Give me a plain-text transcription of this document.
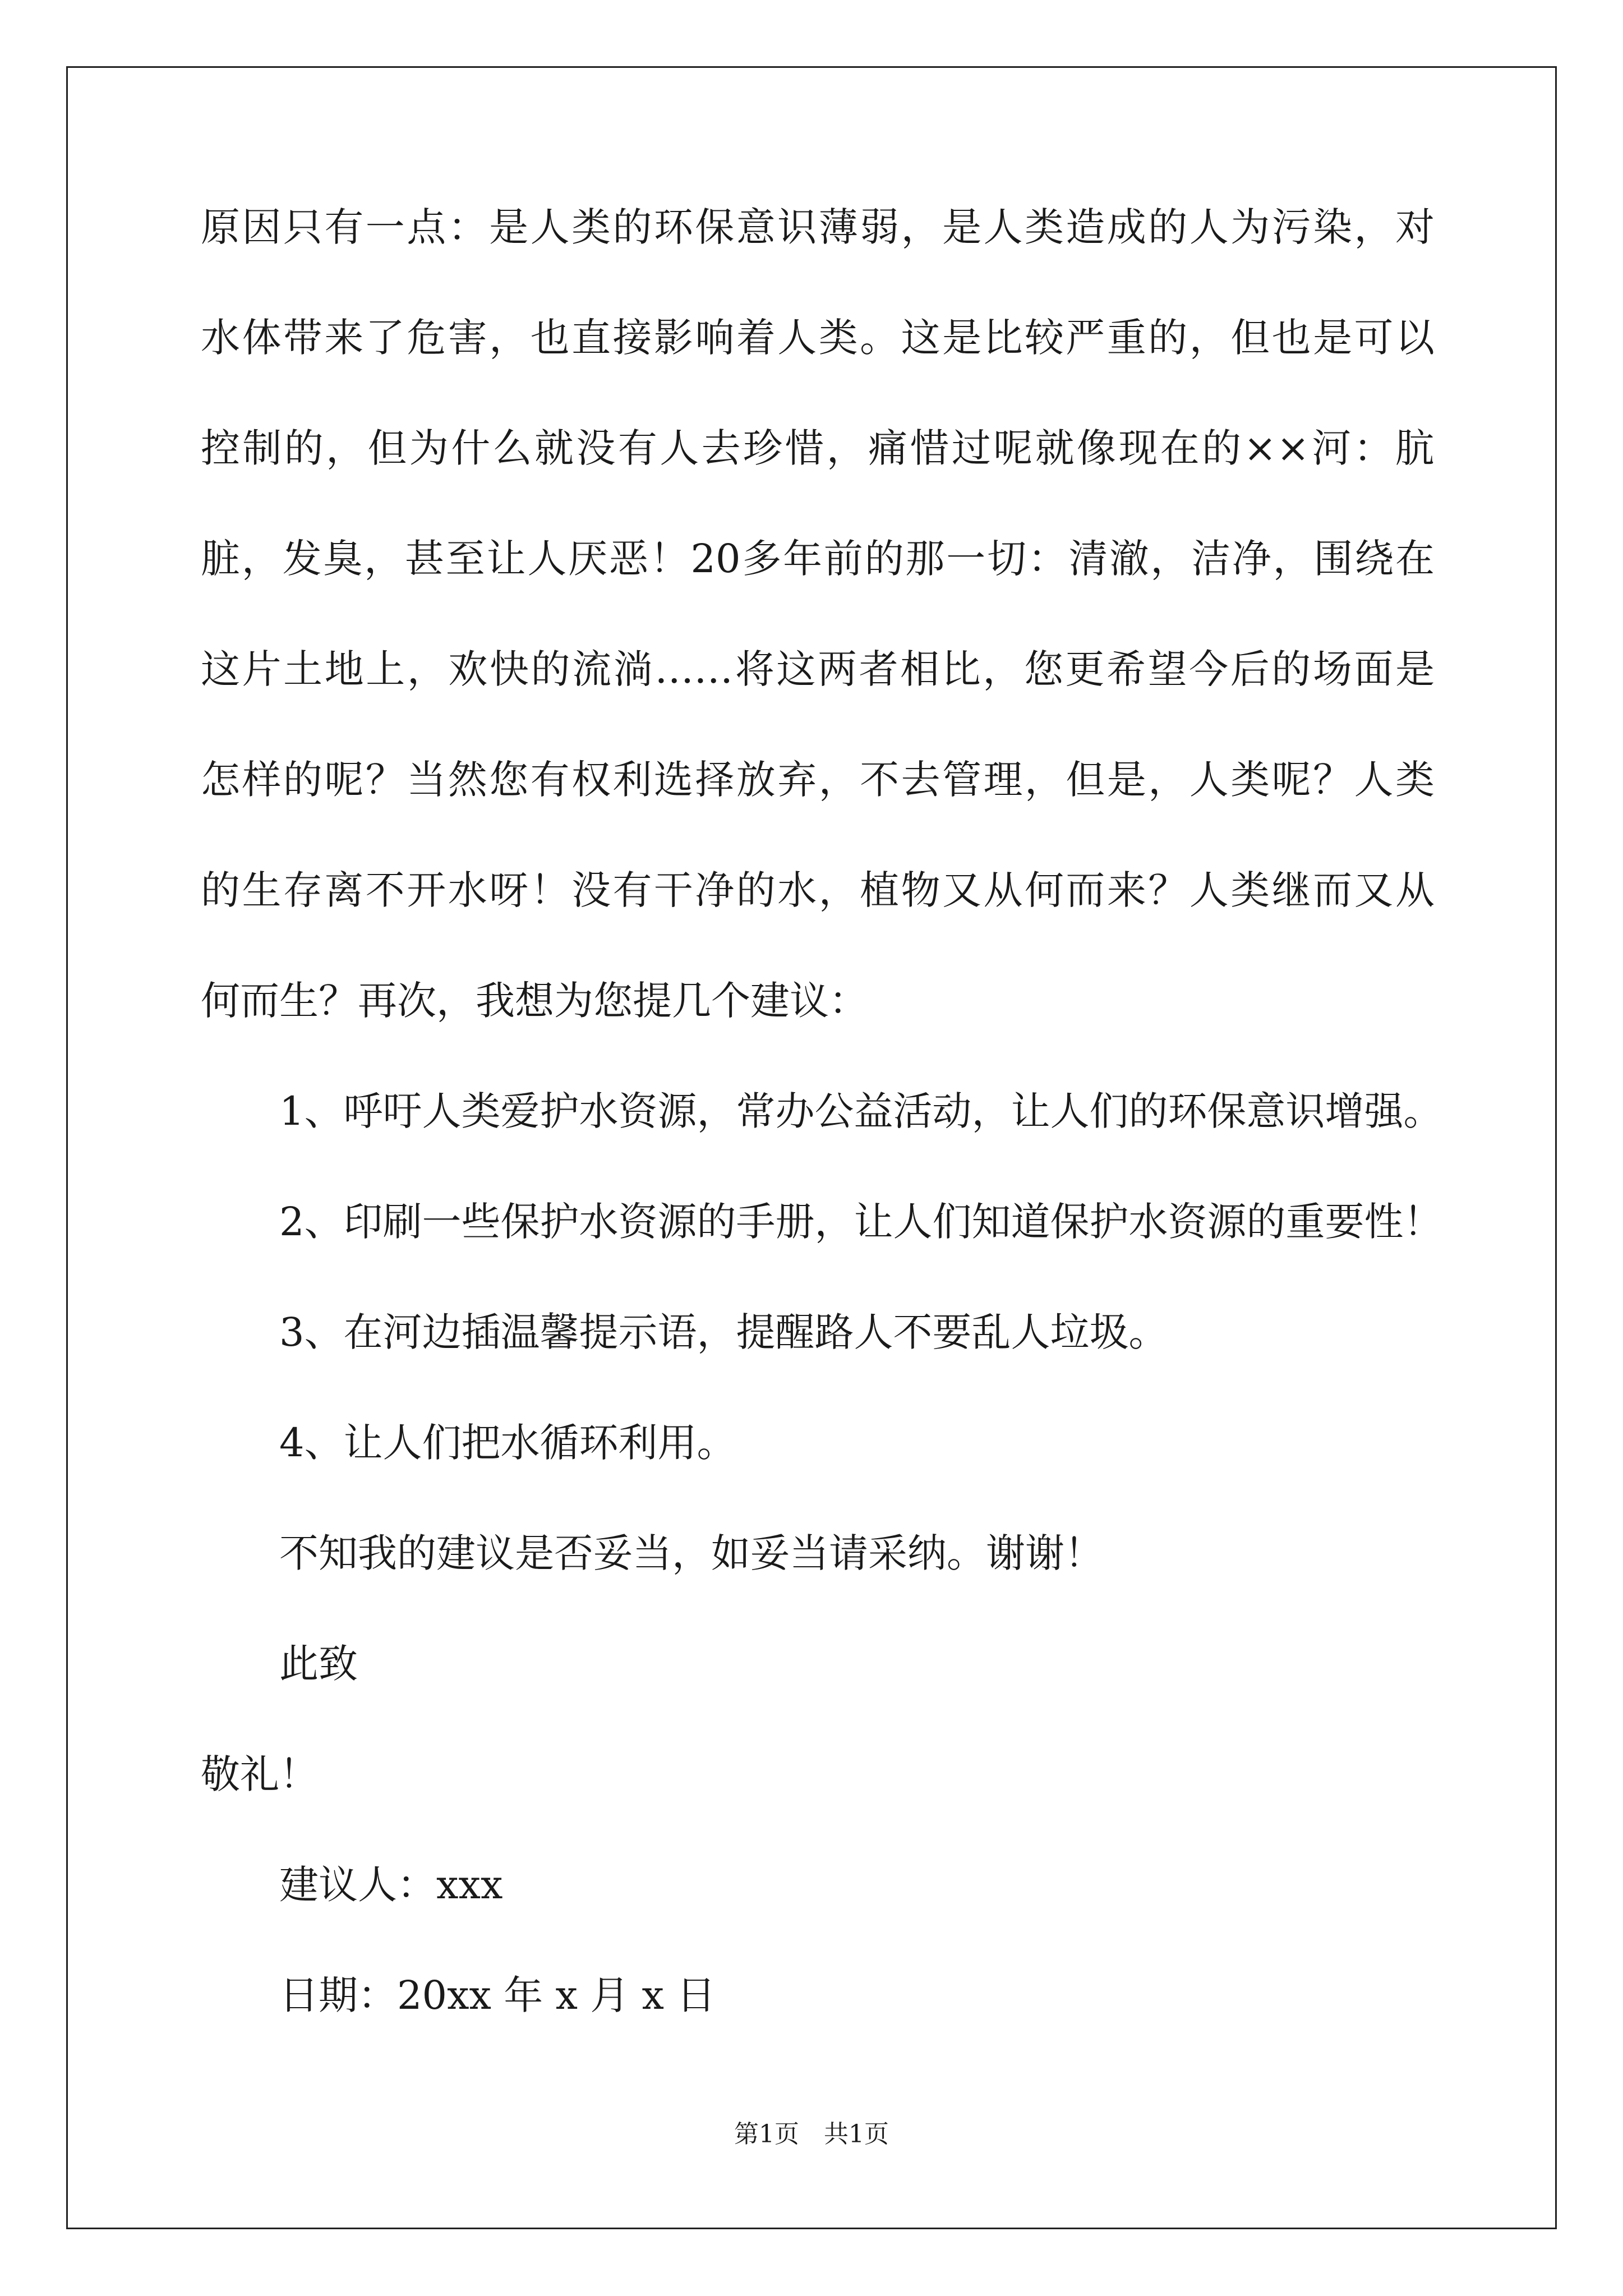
原因只有一点：是人类的环保意识薄弱，是人类造成的人为污染，对
水体带来了危害，也直接影响着人类。这是比较严重的，但也是可以
控制的，但为什么就没有人去珍惜，痛惜过呢就像现在的××河：肮
脏，发臭，甚至让人厌恶！20多年前的那一切：清澈，洁净，围绕在
这片土地上，欢快的流淌……将这两者相比，您更希望今后的场面是
怎样的呢？当然您有权利选择放弃，不去管理，但是，人类呢？人类
的生存离不开水呀！没有干净的水，植物又从何而来？人类继而又从
何而生？再次，我想为您提几个建议：
1、呼吁人类爱护水资源，常办公益活动，让人们的环保意识增强。
2、印刷一些保护水资源的手册，让人们知道保护水资源的重要性！
3、在河边插温馨提示语，提醒路人不要乱人垃圾。
4、让人们把水循环利用。
不知我的建议是否妥当，如妥当请采纳。谢谢！
此致
敬礼！
建议人：xxx
日期：20xx 年 x 月 x 日
第1页　共1页
